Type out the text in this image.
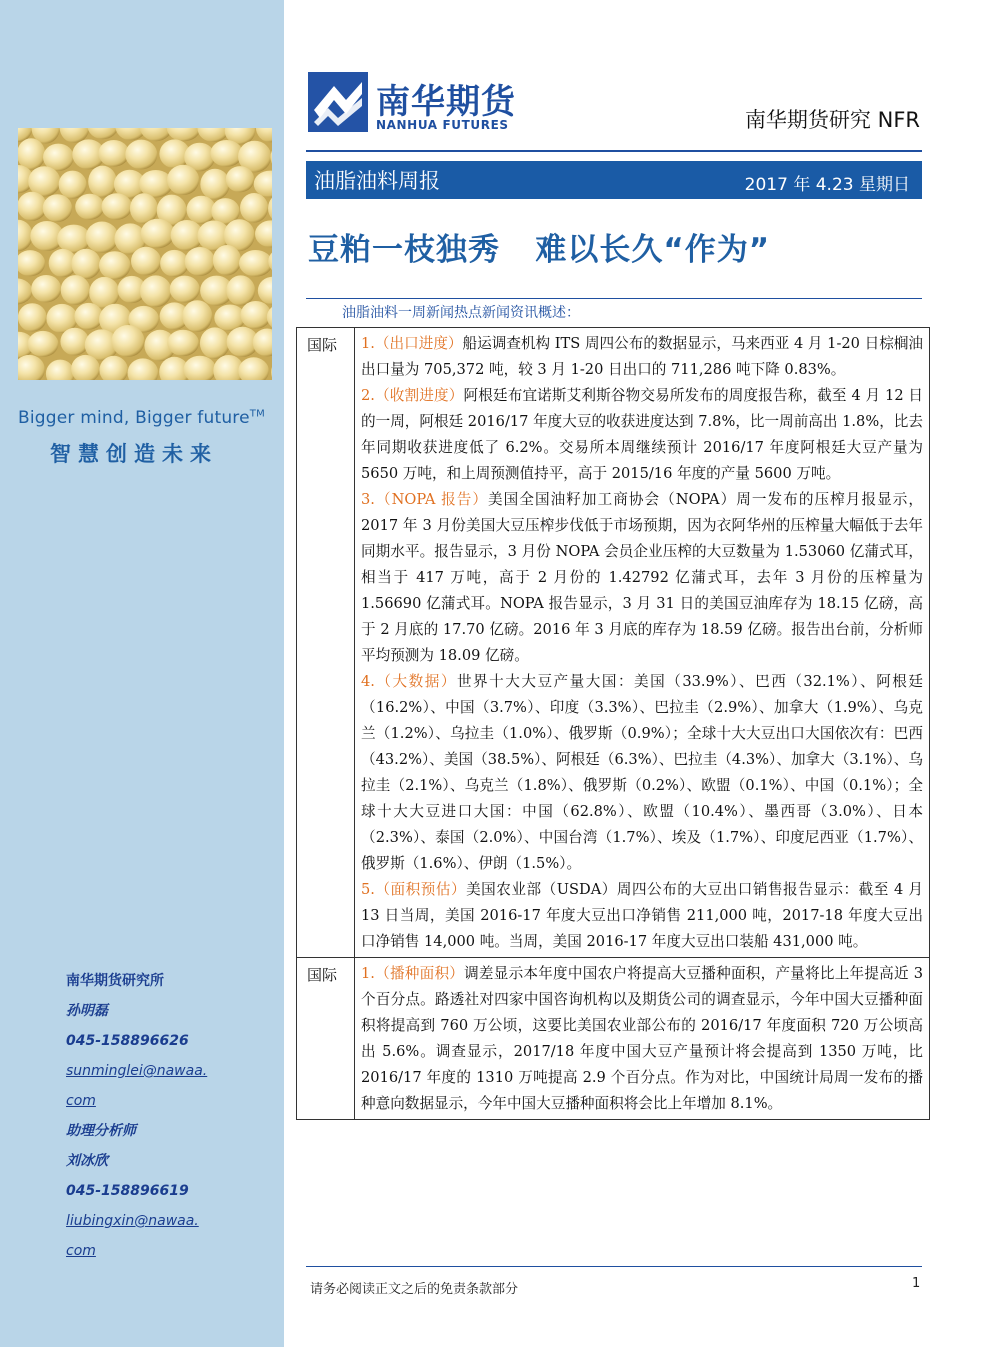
Bigger mind, Bigger future™
智慧创造未来
南华期货研究所
孙明磊
045-158896626
sunminglei@nawaa.
com
助理分析师
刘冰欣
045-158896619
liubingxin@nawaa.
com
南华期货
NANHUA FUTURES	南华期货研究 NFR
油脂油料周报	2017 年 4.23 星期日
豆粕一枝独秀   难以长久“作为”
油脂油料一周新闻热点新闻资讯概述：
国际	1.（出口进度）船运调查机构 ITS 周四公布的数据显示，马来西亚 4 月 1-20 日棕榈油出口量为 705,372 吨，较 3 月 1-20 日出口的 711,286 吨下降 0.83%。

2.（收割进度）阿根廷布宜诺斯艾利斯谷物交易所发布的周度报告称，截至 4 月 12 日的一周，阿根廷 2016/17 年度大豆的收获进度达到 7.8%，比一周前高出 1.8%，比去年同期收获进度低了 6.2%。交易所本周继续预计 2016/17 年度阿根廷大豆产量为 5650 万吨，和上周预测值持平，高于 2015/16 年度的产量 5600 万吨。

3.（NOPA 报告）美国全国油籽加工商协会（NOPA）周一发布的压榨月报显示，2017 年 3 月份美国大豆压榨步伐低于市场预期，因为衣阿华州的压榨量大幅低于去年同期水平。报告显示，3 月份 NOPA 会员企业压榨的大豆数量为 1.53060 亿蒲式耳，相当于 417 万吨，高于 2 月份的 1.42792 亿蒲式耳，去年 3 月份的压榨量为 1.56690 亿蒲式耳。NOPA 报告显示，3 月 31 日的美国豆油库存为 18.15 亿磅，高于 2 月底的 17.70 亿磅。2016 年 3 月底的库存为 18.59 亿磅。报告出台前，分析师平均预测为 18.09 亿磅。

4.（大数据）世界十大大豆产量大国：美国（33.9%）、巴西（32.1%）、阿根廷（16.2%）、中国（3.7%）、印度（3.3%）、巴拉圭（2.9%）、加拿大（1.9%）、乌克兰（1.2%）、乌拉圭（1.0%）、俄罗斯（0.9%）；全球十大大豆出口大国依次有：巴西（43.2%）、美国（38.5%）、阿根廷（6.3%）、巴拉圭（4.3%）、加拿大（3.1%）、乌拉圭（2.1%）、乌克兰（1.8%）、俄罗斯（0.2%）、欧盟（0.1%）、中国（0.1%）；全球十大大豆进口大国：中国（62.8%）、欧盟（10.4%）、墨西哥（3.0%）、日本（2.3%）、泰国（2.0%）、中国台湾（1.7%）、埃及（1.7%）、印度尼西亚（1.7%）、俄罗斯（1.6%）、伊朗（1.5%）。

5.（面积预估）美国农业部（USDA）周四公布的大豆出口销售报告显示：截至 4 月 13 日当周，美国 2016-17 年度大豆出口净销售 211,000 吨，2017-18 年度大豆出口净销售 14,000 吨。当周，美国 2016-17 年度大豆出口装船 431,000 吨。

国际	1.（播种面积）调差显示本年度中国农户将提高大豆播种面积，产量将比上年提高近 3 个百分点。路透社对四家中国咨询机构以及期货公司的调查显示，今年中国大豆播种面积将提高到 760 万公顷，这要比美国农业部公布的 2016/17 年度面积 720 万公顷高出 5.6%。调查显示，2017/18 年度中国大豆产量预计将会提高到 1350 万吨，比 2016/17 年度的 1310 万吨提高 2.9 个百分点。作为对比，中国统计局周一发布的播种意向数据显示，今年中国大豆播种面积将会比上年增加 8.1%。

请务必阅读正文之后的免责条款部分	1
